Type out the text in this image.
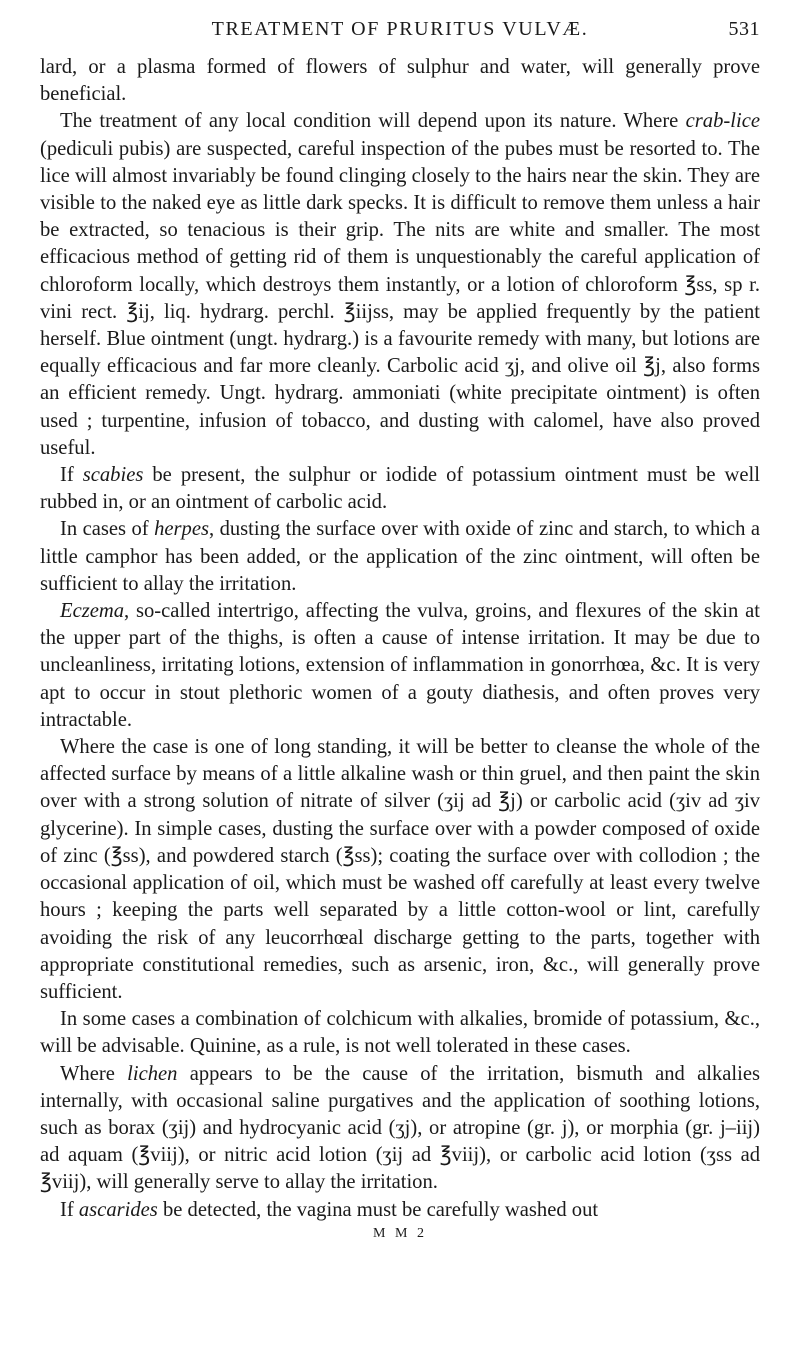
TREATMENT OF PRURITUS VULVÆ.	531

lard, or a plasma formed of flowers of sulphur and water, will generally prove beneficial.

The treatment of any local condition will depend upon its nature. Where crab-lice (pediculi pubis) are suspected, careful inspection of the pubes must be resorted to. The lice will almost invariably be found clinging closely to the hairs near the skin. They are visible to the naked eye as little dark specks. It is difficult to remove them unless a hair be extracted, so tenacious is their grip. The nits are white and smaller. The most efficacious method of getting rid of them is unquestionably the careful application of chloroform locally, which destroys them instantly, or a lotion of chloroform ℥ss, sp r. vini rect. ℥ij, liq. hydrarg. perchl. ℥iijss, may be applied frequently by the patient herself. Blue ointment (ungt. hydrarg.) is a favourite remedy with many, but lotions are equally efficacious and far more cleanly. Carbolic acid ʒj, and olive oil ℥j, also forms an efficient remedy. Ungt. hydrarg. ammoniati (white precipitate ointment) is often used ; turpentine, infusion of tobacco, and dusting with calomel, have also proved useful.

If scabies be present, the sulphur or iodide of potassium ointment must be well rubbed in, or an ointment of carbolic acid.

In cases of herpes, dusting the surface over with oxide of zinc and starch, to which a little camphor has been added, or the application of the zinc ointment, will often be sufficient to allay the irritation.

Eczema, so-called intertrigo, affecting the vulva, groins, and flexures of the skin at the upper part of the thighs, is often a cause of intense irritation. It may be due to uncleanliness, irritating lotions, extension of inflammation in gonorrhœa, &c. It is very apt to occur in stout plethoric women of a gouty diathesis, and often proves very intractable.

Where the case is one of long standing, it will be better to cleanse the whole of the affected surface by means of a little alkaline wash or thin gruel, and then paint the skin over with a strong solution of nitrate of silver (ʒij ad ℥j) or carbolic acid (ʒiv ad ʒiv glycerine). In simple cases, dusting the surface over with a powder composed of oxide of zinc (℥ss), and powdered starch (℥ss); coating the surface over with collodion ; the occasional application of oil, which must be washed off carefully at least every twelve hours ; keeping the parts well separated by a little cotton-wool or lint, carefully avoiding the risk of any leucorrhœal discharge getting to the parts, together with appropriate constitutional remedies, such as arsenic, iron, &c., will generally prove sufficient.

In some cases a combination of colchicum with alkalies, bromide of potassium, &c., will be advisable. Quinine, as a rule, is not well tolerated in these cases.

Where lichen appears to be the cause of the irritation, bismuth and alkalies internally, with occasional saline purgatives and the application of soothing lotions, such as borax (ʒij) and hydrocyanic acid (ʒj), or atropine (gr. j), or morphia (gr. j–iij) ad aquam (℥viij), or nitric acid lotion (ʒij ad ℥viij), or carbolic acid lotion (ʒss ad ℥viij), will generally serve to allay the irritation.

If ascarides be detected, the vagina must be carefully washed out

M M 2
